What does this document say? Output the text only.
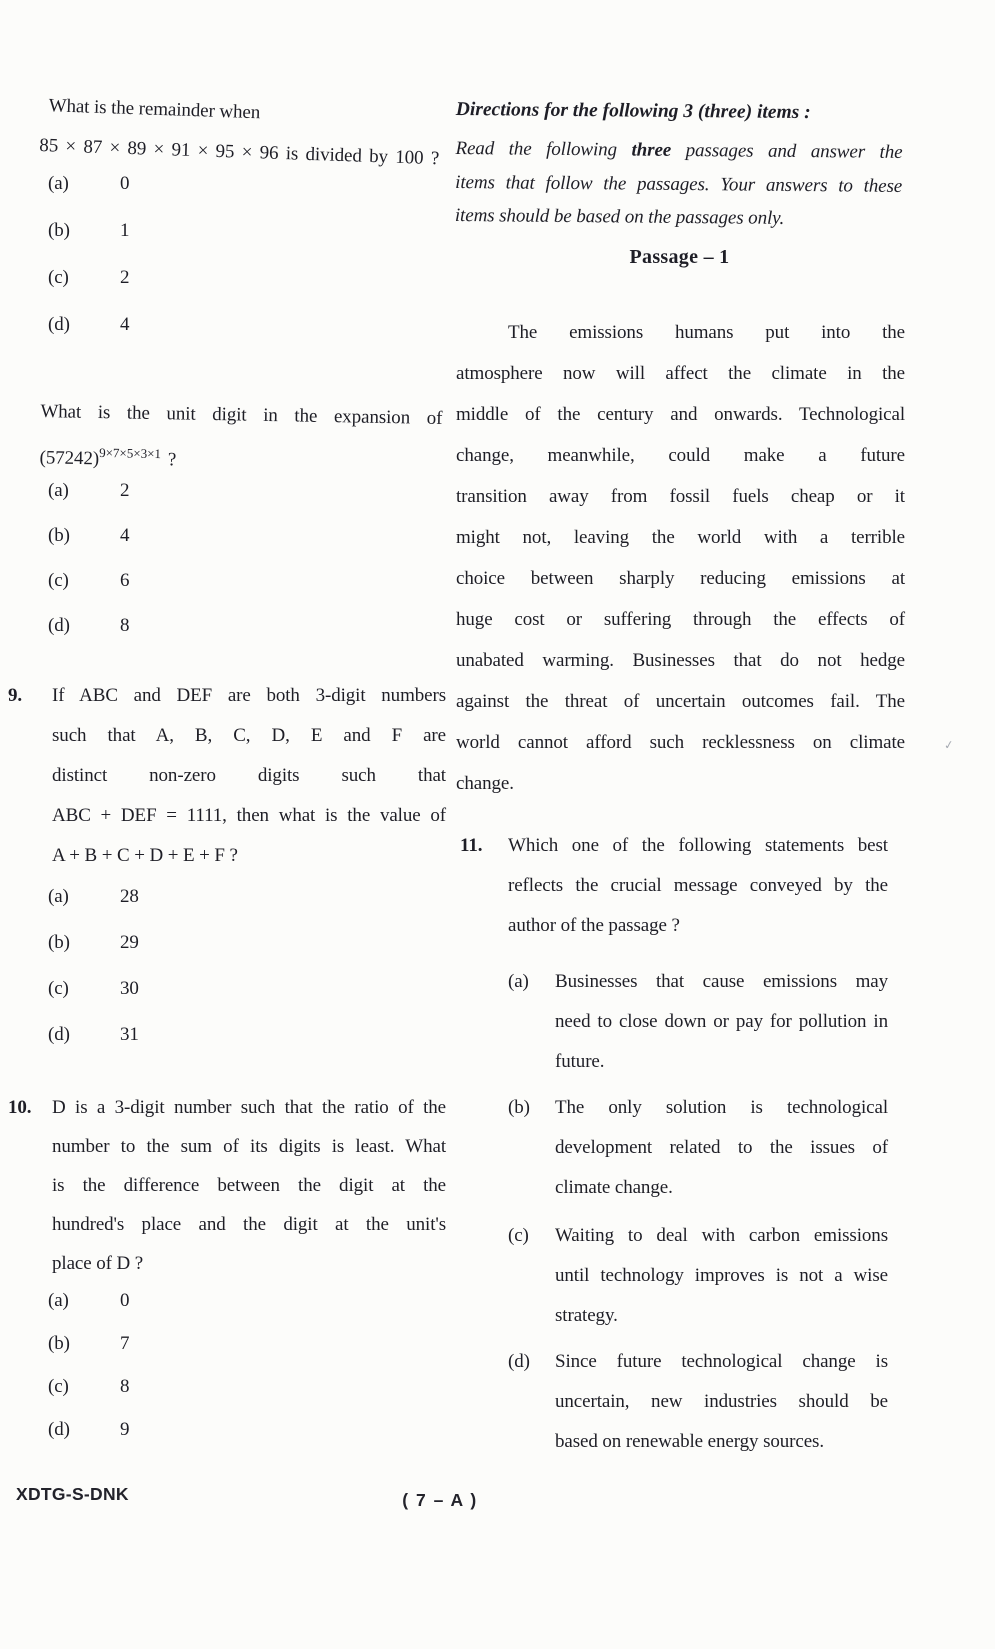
What is the remainder when
85 × 87 × 89 × 91 × 95 × 96 is divided by 100 ?
(a)	0
(b)	1
(c)	2
(d)	4
What is the unit digit in the expansion of
$(57242)^{9\times 7\times 5\times 3\times 1}$ ?
(a)	2
(b)	4
(c)	6
(d)	8
9.	If ABC and DEF are both 3-digit numbers
such that A, B, C, D, E and F are
distinct non-zero digits such that
ABC + DEF = 1111, then what is the value of
A + B + C + D + E + F ?
(a)	28
(b)	29
(c)	30
(d)	31
10.	D is a 3-digit number such that the ratio of the
number to the sum of its digits is least. What
is the difference between the digit at the
hundred's place and the digit at the unit's
place of D ?
(a)	0
(b)	7
(c)	8
(d)	9
Directions for the following 3 (three) items :
Read the following three passages and answer the
items that follow the passages. Your answers to these
items should be based on the passages only.
Passage – 1
The emissions humans put into the
atmosphere now will affect the climate in the
middle of the century and onwards. Technological
change, meanwhile, could make a future
transition away from fossil fuels cheap or it
might not, leaving the world with a terrible
choice between sharply reducing emissions at
huge cost or suffering through the effects of
unabated warming. Businesses that do not hedge
against the threat of uncertain outcomes fail. The
world cannot afford such recklessness on climate
change.
11.	Which one of the following statements best
reflects the crucial message conveyed by the
author of the passage ?
(a)	Businesses that cause emissions may
need to close down or pay for pollution in
future.
(b)	The only solution is technological
development related to the issues of
climate change.
(c)	Waiting to deal with carbon emissions
until technology improves is not a wise
strategy.
(d)	Since future technological change is
uncertain, new industries should be
based on renewable energy sources.
XDTG-S-DNK	( 7 – A )
✓
